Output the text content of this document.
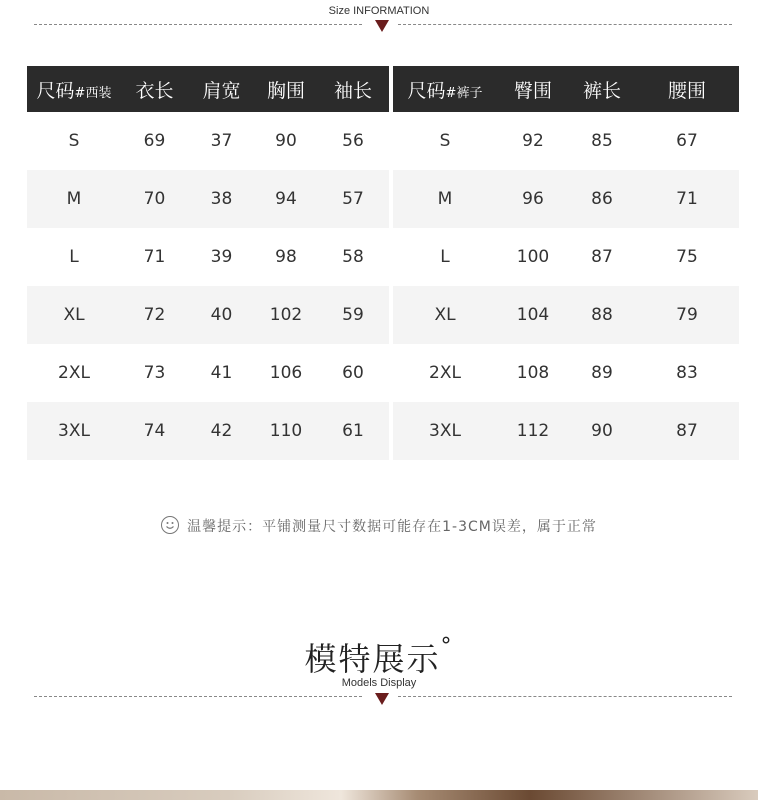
Size INFORMATION
尺码#西装	衣长	肩宽	胸围	袖长
S	69	37	90	56
M	70	38	94	57
L	71	39	98	58
XL	72	40	102	59
2XL	73	41	106	60
3XL	74	42	110	61
尺码#裤子	臀围	裤长	腰围
S	92	85	67
M	96	86	71
L	100	87	75
XL	104	88	79
2XL	108	89	83
3XL	112	90	87
温馨提示：平铺测量尺寸数据可能存在1-3CM误差，属于正常
模特展示°
Models Display
